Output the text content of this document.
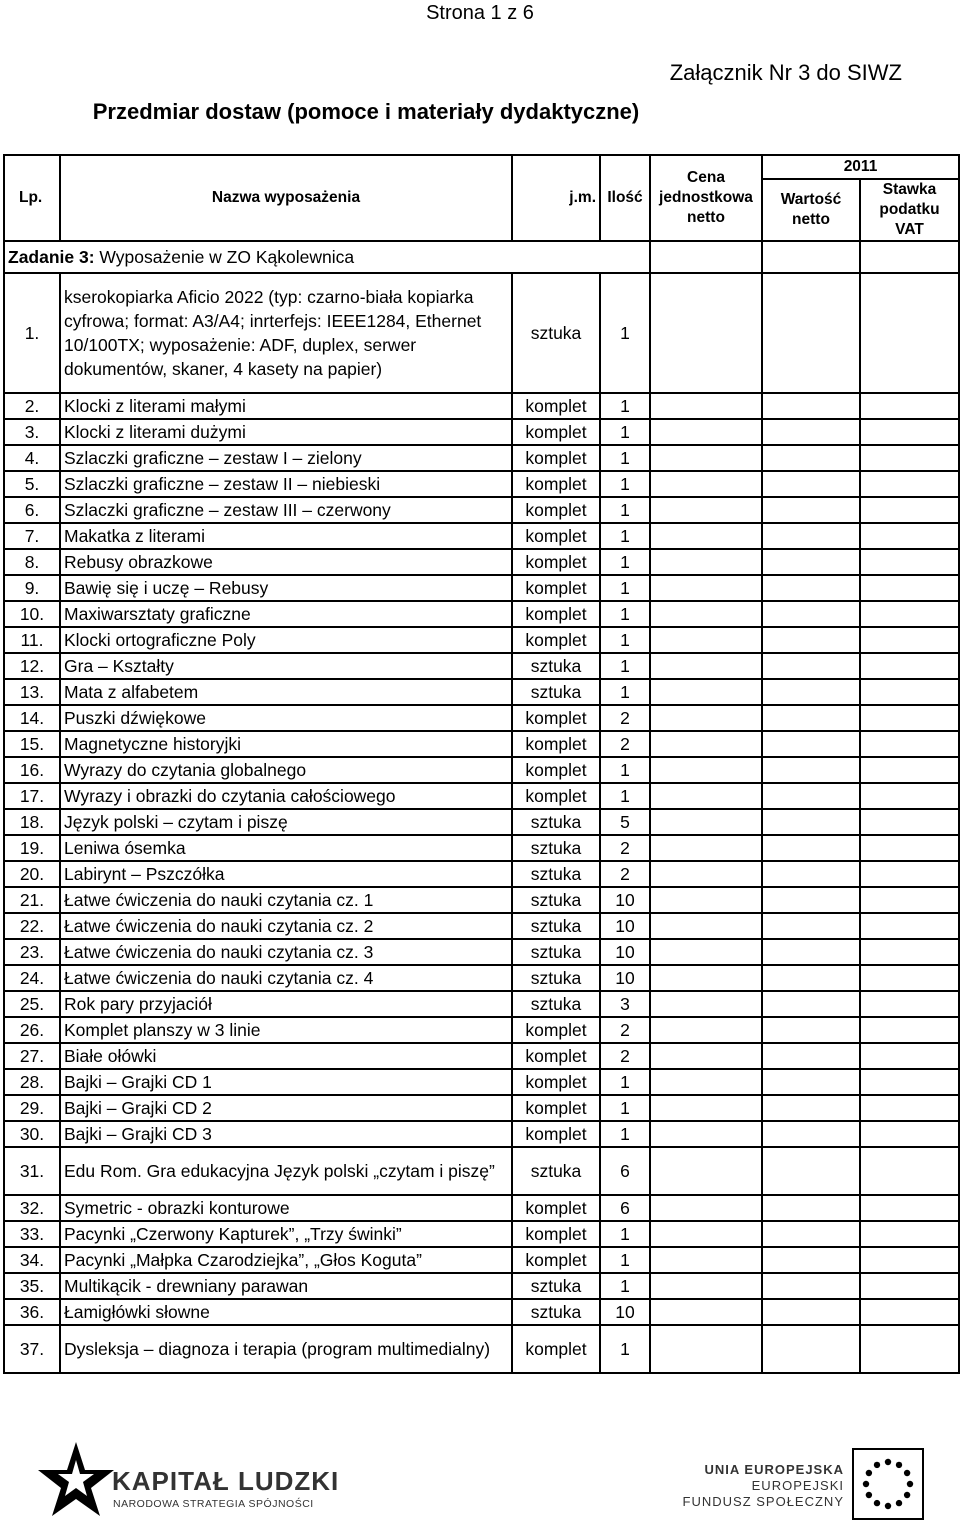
Strona 1 z 6
Załącznik Nr 3 do SIWZ
Przedmiar dostaw (pomoce i materiały dydaktyczne)
Lp.	Nazwa wyposażenia	j.m.	Ilość	Cena jednostkowa netto	2011	
					Wartość netto	Stawka podatku VAT
Zadanie 3: Wyposażenie w ZO Kąkolewnica						
1.	kserokopiarka Aficio 2022 (typ: czarno-biała kopiarka cyfrowa; format: A3/A4; inrterfejs: IEEE1284, Ethernet 10/100TX; wyposażenie: ADF, duplex, serwer dokumentów, skaner, 4 kasety na papier)	sztuka	1			
2.	Klocki z literami małymi	komplet	1			
3.	Klocki z literami dużymi	komplet	1			
4.	Szlaczki graficzne – zestaw I – zielony	komplet	1			
5.	Szlaczki graficzne – zestaw II – niebieski	komplet	1			
6.	Szlaczki graficzne – zestaw III – czerwony	komplet	1			
7.	Makatka z literami	komplet	1			
8.	Rebusy obrazkowe	komplet	1			
9.	Bawię się i uczę – Rebusy	komplet	1			
10.	Maxiwarsztaty graficzne	komplet	1			
11.	Klocki ortograficzne Poly	komplet	1			
12.	Gra – Kształty	sztuka	1			
13.	Mata z alfabetem	sztuka	1			
14.	Puszki dźwiękowe	komplet	2			
15.	Magnetyczne historyjki	komplet	2			
16.	Wyrazy do czytania globalnego	komplet	1			
17.	Wyrazy i obrazki do czytania całościowego	komplet	1			
18.	Język polski – czytam i piszę	sztuka	5			
19.	Leniwa ósemka	sztuka	2			
20.	Labirynt – Pszczółka	sztuka	2			
21.	Łatwe ćwiczenia do nauki czytania cz. 1	sztuka	10			
22.	Łatwe ćwiczenia do nauki czytania cz. 2	sztuka	10			
23.	Łatwe ćwiczenia do nauki czytania cz. 3	sztuka	10			
24.	Łatwe ćwiczenia do nauki czytania cz. 4	sztuka	10			
25.	Rok pary przyjaciół	sztuka	3			
26.	Komplet planszy w 3 linie	komplet	2			
27.	Białe ołówki	komplet	2			
28.	Bajki – Grajki CD 1	komplet	1			
29.	Bajki – Grajki CD 2	komplet	1			
30.	Bajki – Grajki CD 3	komplet	1			
31.	Edu Rom. Gra edukacyjna Język polski „czytam i piszę”	sztuka	6			
32.	Symetric - obrazki konturowe	komplet	6			
33.	Pacynki „Czerwony Kapturek”, „Trzy świnki”	komplet	1			
34.	Pacynki „Małpka Czarodziejka”, „Głos Koguta”	komplet	1			
35.	Multikącik - drewniany parawan	sztuka	1			
36.	Łamigłówki słowne	sztuka	10			
37.	Dysleksja – diagnoza i terapia (program multimedialny)	komplet	1			
KAPITAŁ LUDZKI
NARODOWA STRATEGIA SPÓJNOŚCI
UNIA EUROPEJSKA
EUROPEJSKI
FUNDUSZ SPOŁECZNY
